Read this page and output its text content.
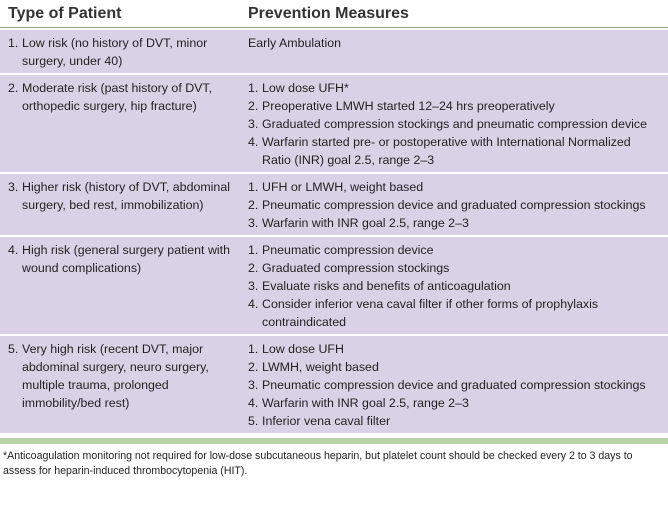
Type of Patient	Prevention Measures
1. Low risk (no history of DVT, minor surgery, under 40)
Early Ambulation
2. Moderate risk (past history of DVT, orthopedic surgery, hip fracture)
1. Low dose UFH*
2. Preoperative LMWH started 12–24 hrs preoperatively
3. Graduated compression stockings and pneumatic compression device
4. Warfarin started pre- or postoperative with International Normalized Ratio (INR) goal 2.5, range 2–3
3. Higher risk (history of DVT, abdominal surgery, bed rest, immobilization)
1. UFH or LMWH, weight based
2. Pneumatic compression device and graduated compression stockings
3. Warfarin with INR goal 2.5, range 2–3
4. High risk (general surgery patient with wound complications)
1. Pneumatic compression device
2. Graduated compression stockings
3. Evaluate risks and benefits of anticoagulation
4. Consider inferior vena caval filter if other forms of prophylaxis contraindicated
5. Very high risk (recent DVT, major abdominal surgery, neuro surgery, multiple trauma, prolonged immobility/bed rest)
1. Low dose UFH
2. LWMH, weight based
3. Pneumatic compression device and graduated compression stockings
4. Warfarin with INR goal 2.5, range 2–3
5. Inferior vena caval filter
*Anticoagulation monitoring not required for low-dose subcutaneous heparin, but platelet count should be checked every 2 to 3 days to assess for heparin-induced thrombocytopenia (HIT).
